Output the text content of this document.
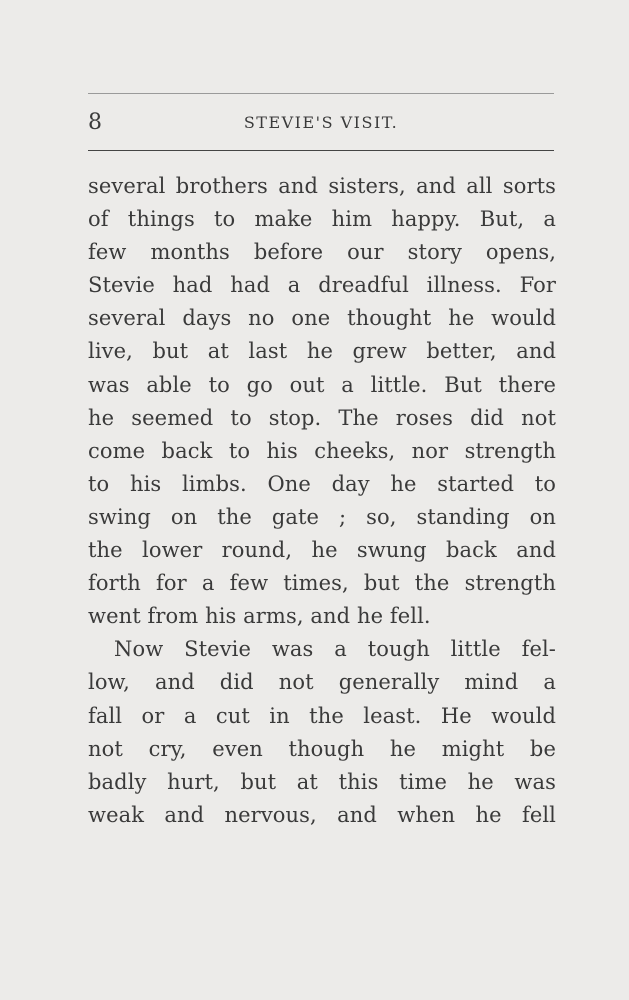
8	STEVIE'S VISIT.
several brothers and sisters, and all sorts
of things to make him happy. But, a
few months before our story opens,
Stevie had had a dreadful illness. For
several days no one thought he would
live, but at last he grew better, and
was able to go out a little. But there
he seemed to stop. The roses did not
come back to his cheeks, nor strength
to his limbs. One day he started to
swing on the gate ; so, standing on
the lower round, he swung back and
forth for a few times, but the strength
went from his arms, and he fell.
Now Stevie was a tough little fel-
low, and did not generally mind a
fall or a cut in the least. He would
not cry, even though he might be
badly hurt, but at this time he was
weak and nervous, and when he fell
